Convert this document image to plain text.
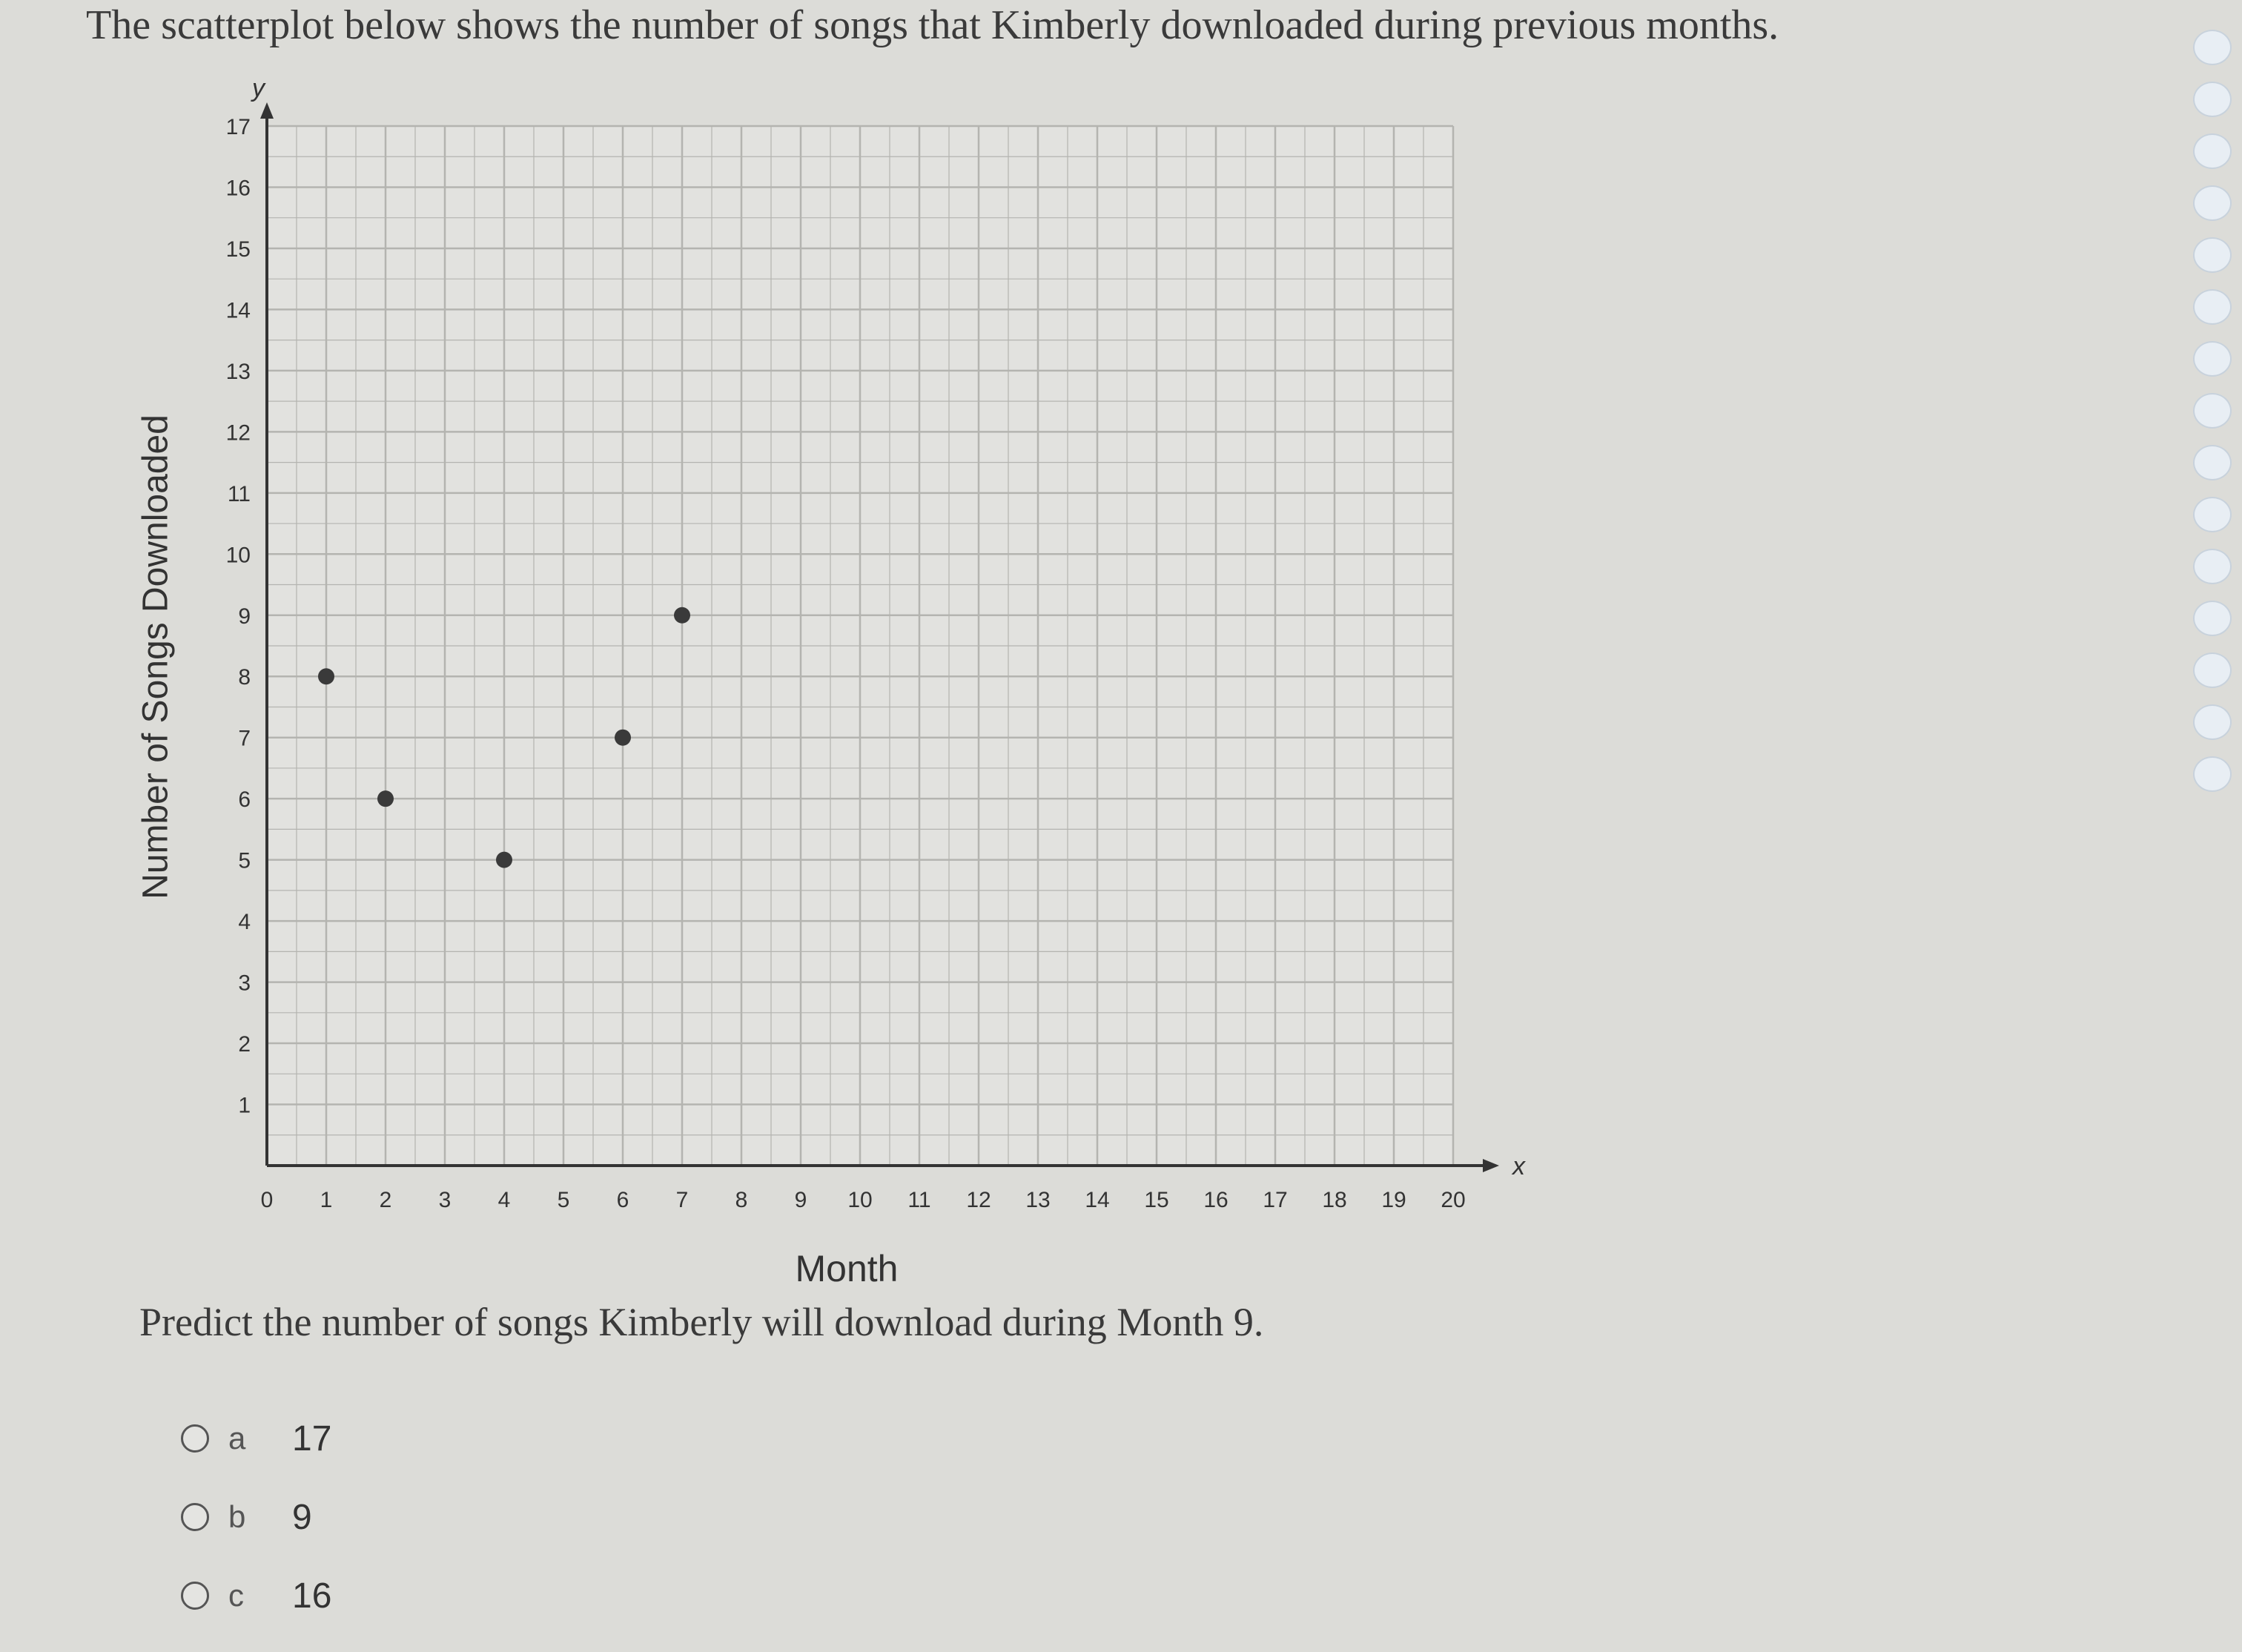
The scatterplot below shows the number of songs that Kimberly downloaded during previous months.
x
y
0 1 2 3 4 5 6 7 8 9 10 11 12 13 14 15 16 17 18 19 20
1
2
3
4
5
6
7
8
9
10
11
12
13
14
15
16
17
Number of Songs Downloaded
Month
Predict the number of songs Kimberly will download during Month 9.
a	17
b	9
c	16
